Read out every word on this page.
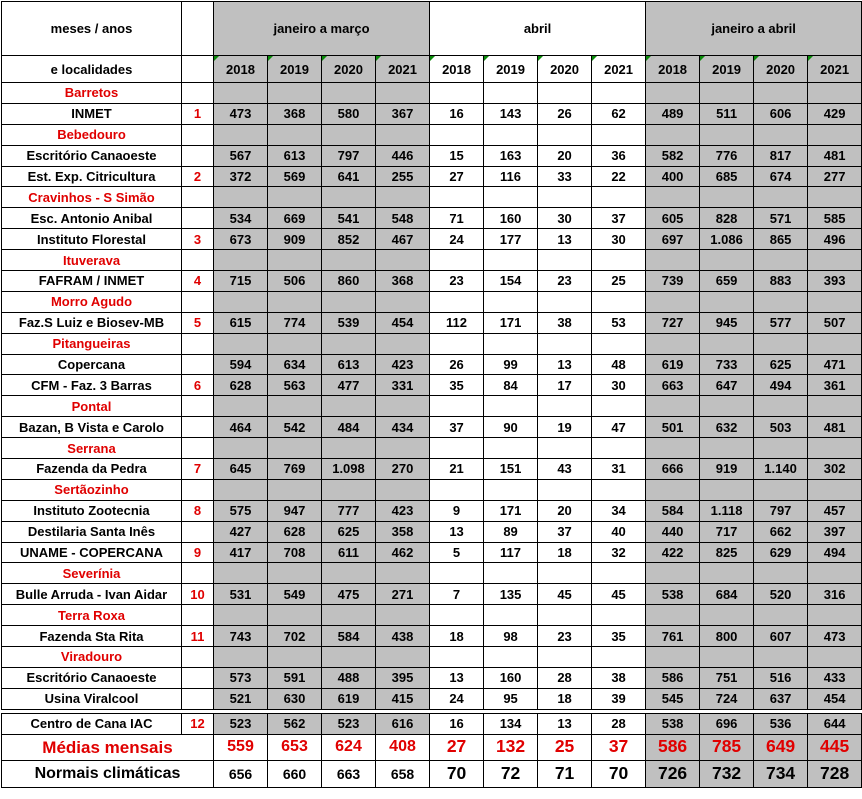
meses / anos		janeiro a março				abril				janeiro a abril			
e localidades		2018	2019	2020	2021	2018	2019	2020	2021	2018	2019	2020	2021
Barretos													
INMET	1	473	368	580	367	16	143	26	62	489	511	606	429
Bebedouro													
Escritório Canaoeste		567	613	797	446	15	163	20	36	582	776	817	481
Est. Exp. Citricultura	2	372	569	641	255	27	116	33	22	400	685	674	277
Cravinhos - S Simão													
Esc. Antonio Anibal		534	669	541	548	71	160	30	37	605	828	571	585
Instituto Florestal	3	673	909	852	467	24	177	13	30	697	1.086	865	496
Ituverava													
FAFRAM / INMET	4	715	506	860	368	23	154	23	25	739	659	883	393
Morro Agudo													
Faz.S Luiz e Biosev-MB	5	615	774	539	454	112	171	38	53	727	945	577	507
Pitangueiras													
Copercana		594	634	613	423	26	99	13	48	619	733	625	471
CFM - Faz. 3 Barras	6	628	563	477	331	35	84	17	30	663	647	494	361
Pontal													
Bazan, B Vista e Carolo		464	542	484	434	37	90	19	47	501	632	503	481
Serrana													
Fazenda da Pedra	7	645	769	1.098	270	21	151	43	31	666	919	1.140	302
Sertãozinho													
Instituto Zootecnia	8	575	947	777	423	9	171	20	34	584	1.118	797	457
Destilaria Santa Inês		427	628	625	358	13	89	37	40	440	717	662	397
UNAME - COPERCANA	9	417	708	611	462	5	117	18	32	422	825	629	494
Severínia													
Bulle Arruda - Ivan Aidar	10	531	549	475	271	7	135	45	45	538	684	520	316
Terra Roxa													
Fazenda Sta Rita	11	743	702	584	438	18	98	23	35	761	800	607	473
Viradouro													
Escritório Canaoeste		573	591	488	395	13	160	28	38	586	751	516	433
Usina Viralcool		521	630	619	415	24	95	18	39	545	724	637	454

Centro de Cana IAC	12	523	562	523	616	16	134	13	28	538	696	536	644
Médias mensais		559	653	624	408	27	132	25	37	586	785	649	445
Normais climáticas		656	660	663	658	70	72	71	70	726	732	734	728
